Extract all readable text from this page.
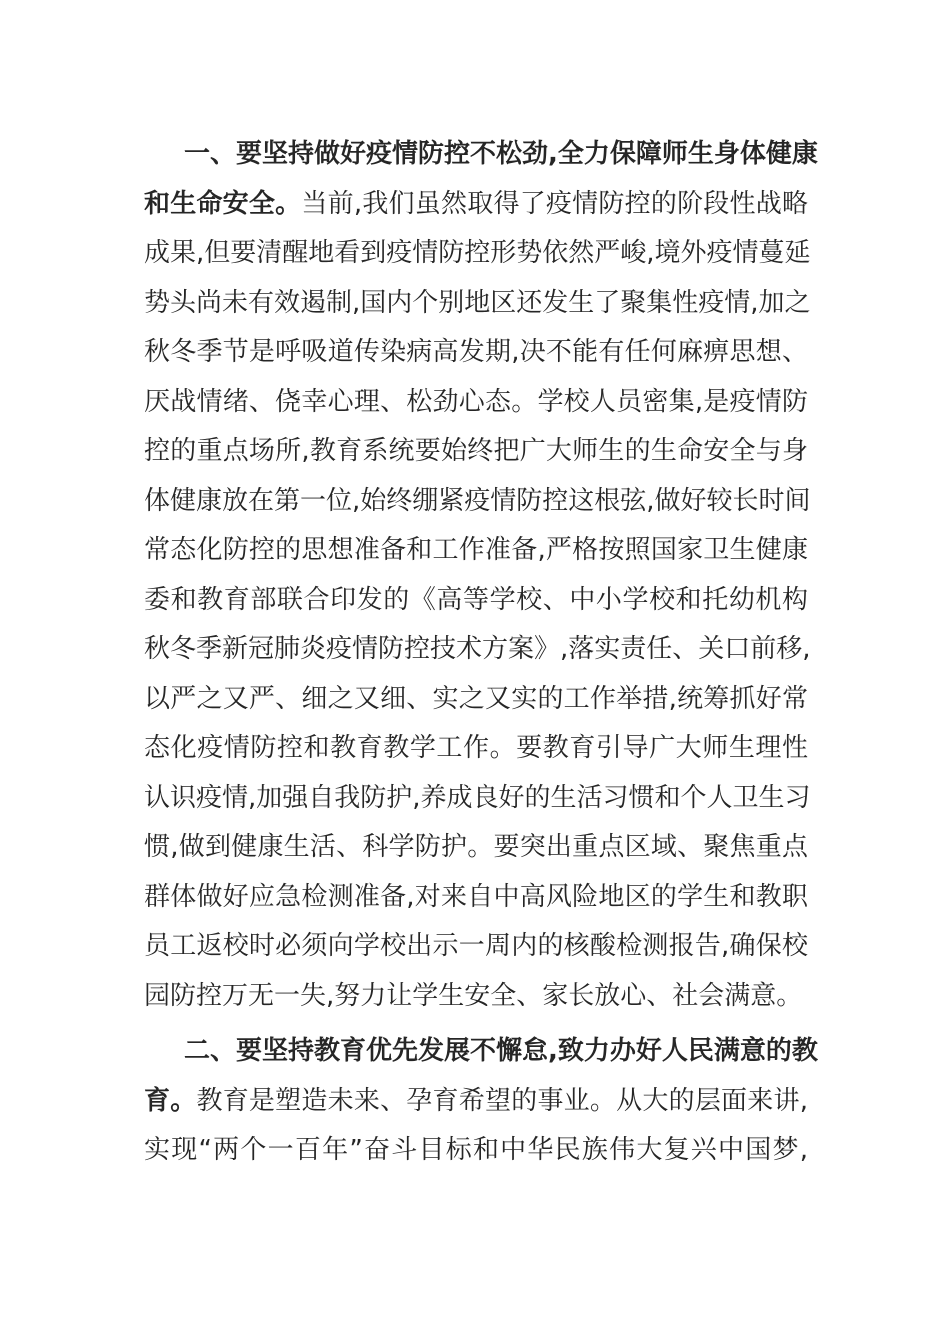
一、要坚持做好疫情防控不松劲,全力保障师生身体健康
和生命安全。当前,我们虽然取得了疫情防控的阶段性战略
成果,但要清醒地看到疫情防控形势依然严峻,境外疫情蔓延
势头尚未有效遏制,国内个别地区还发生了聚集性疫情,加之
秋冬季节是呼吸道传染病高发期,决不能有任何麻痹思想、
厌战情绪、侥幸心理、松劲心态。学校人员密集,是疫情防
控的重点场所,教育系统要始终把广大师生的生命安全与身
体健康放在第一位,始终绷紧疫情防控这根弦,做好较长时间
常态化防控的思想准备和工作准备,严格按照国家卫生健康
委和教育部联合印发的《高等学校、中小学校和托幼机构
秋冬季新冠肺炎疫情防控技术方案》,落实责任、关口前移,
以严之又严、细之又细、实之又实的工作举措,统筹抓好常
态化疫情防控和教育教学工作。要教育引导广大师生理性
认识疫情,加强自我防护,养成良好的生活习惯和个人卫生习
惯,做到健康生活、科学防护。要突出重点区域、聚焦重点
群体做好应急检测准备,对来自中高风险地区的学生和教职
员工返校时必须向学校出示一周内的核酸检测报告,确保校
园防控万无一失,努力让学生安全、家长放心、社会满意。
二、要坚持教育优先发展不懈怠,致力办好人民满意的教
育。教育是塑造未来、孕育希望的事业。从大的层面来讲,
实现“两个一百年”奋斗目标和中华民族伟大复兴中国梦,
